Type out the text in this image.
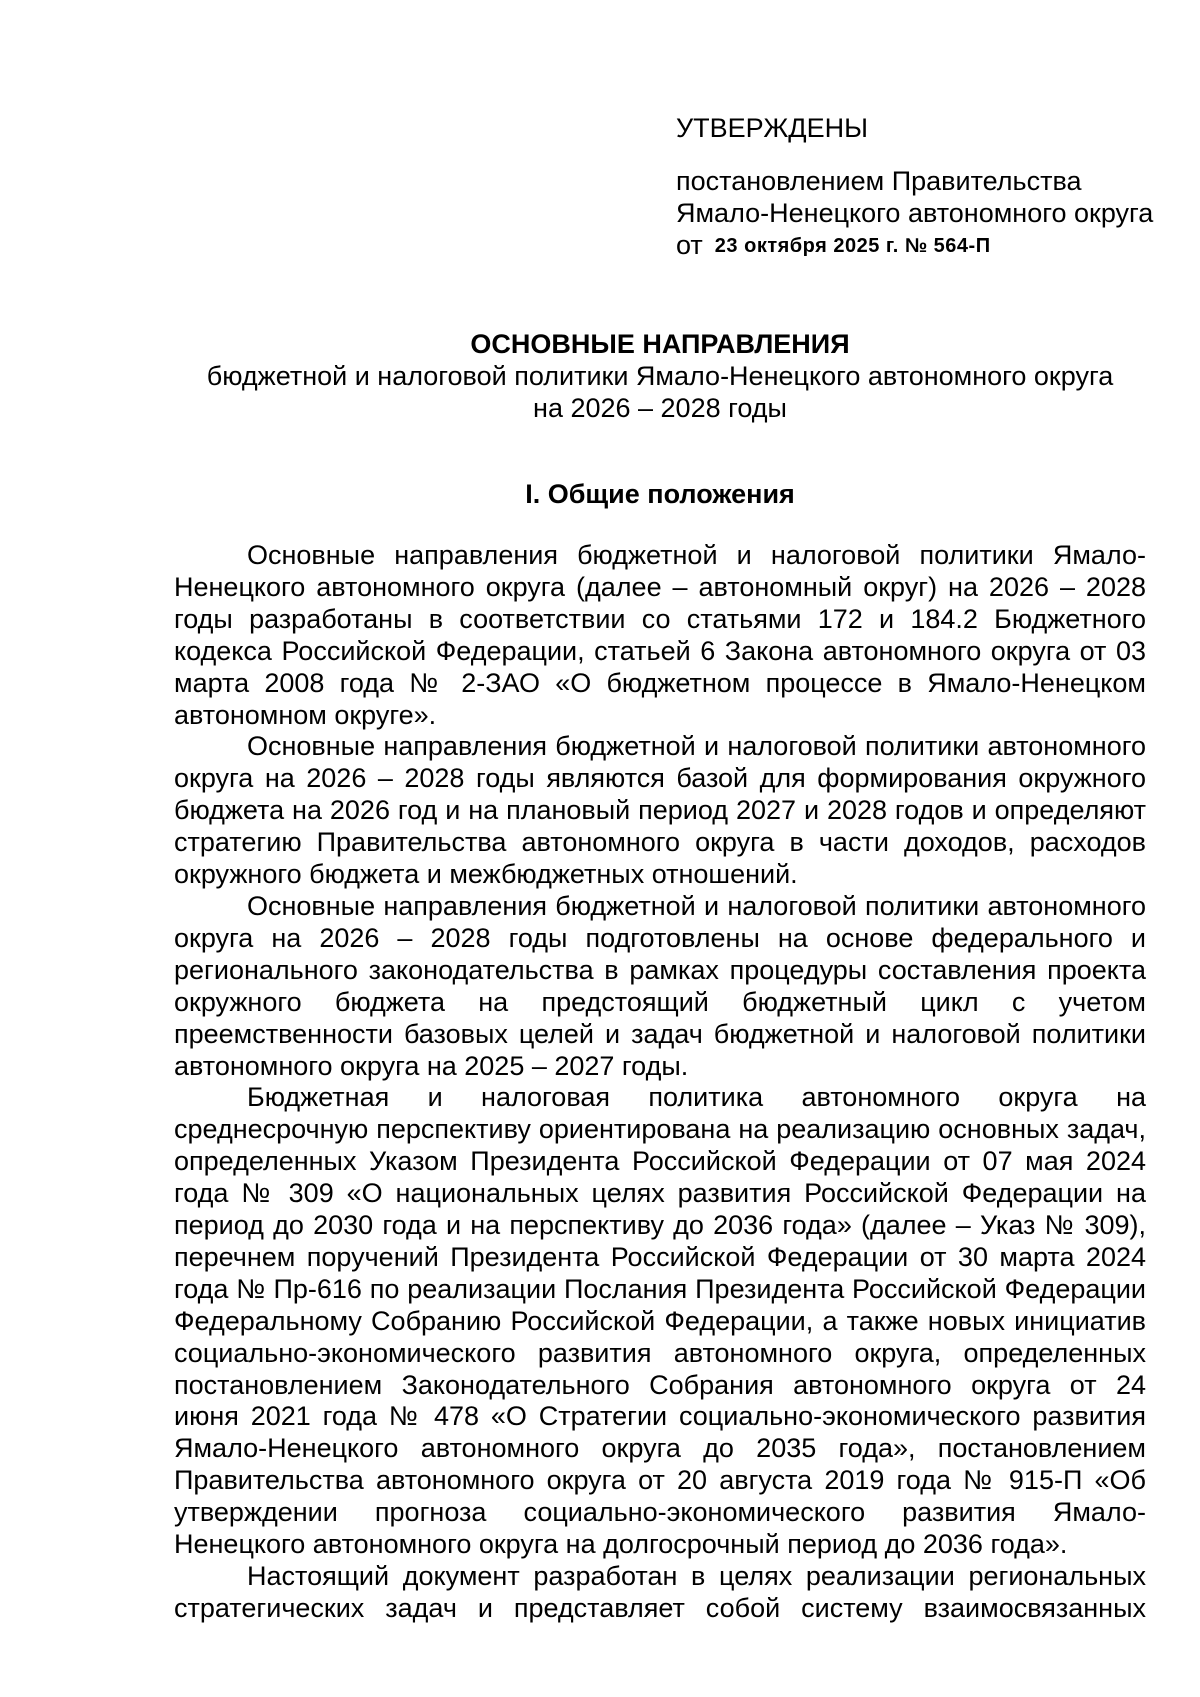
УТВЕРЖДЕНЫ

постановлением Правительства

Ямало-Ненецкого автономного округа

от 23 октября 2025 г. № 564-П

ОСНОВНЫЕ НАПРАВЛЕНИЯ

бюджетной и налоговой политики Ямало-Ненецкого автономного округа

на 2026 – 2028 годы

I. Общие положения

Основные направления бюджетной и налоговой политики Ямало-Ненецкого автономного округа (далее – автономный округ) на 2026 – 2028 годы разработаны в соответствии со статьями 172 и 184.2 Бюджетного кодекса Российской Федерации, статьей 6 Закона автономного округа от 03 марта 2008 года № 2-ЗАО «О бюджетном процессе в Ямало-Ненецком автономном округе».

Основные направления бюджетной и налоговой политики автономного округа на 2026 – 2028 годы являются базой для формирования окружного бюджета на 2026 год и на плановый период 2027 и 2028 годов и определяют стратегию Правительства автономного округа в части доходов, расходов окружного бюджета и межбюджетных отношений.

Основные направления бюджетной и налоговой политики автономного округа на 2026 – 2028 годы подготовлены на основе федерального и регионального законодательства в рамках процедуры составления проекта окружного бюджета на предстоящий бюджетный цикл с учетом преемственности базовых целей и задач бюджетной и налоговой политики автономного округа на 2025 – 2027 годы.

Бюджетная и налоговая политика автономного округа на среднесрочную перспективу ориентирована на реализацию основных задач, определенных Указом Президента Российской Федерации от 07 мая 2024 года № 309 «О национальных целях развития Российской Федерации на период до 2030 года и на перспективу до 2036 года» (далее – Указ № 309), перечнем поручений Президента Российской Федерации от 30 марта 2024 года № Пр-616 по реализации Послания Президента Российской Федерации Федеральному Собранию Российской Федерации, а также новых инициатив социально-экономического развития автономного округа, определенных постановлением Законодательного Собрания автономного округа от 24 июня 2021 года № 478 «О Стратегии социально-экономического развития Ямало-Ненецкого автономного округа до 2035 года», постановлением Правительства автономного округа от 20 августа 2019 года № 915-П «Об утверждении прогноза социально-экономического развития Ямало-Ненецкого автономного округа на долгосрочный период до 2036 года».

Настоящий документ разработан в целях реализации региональных стратегических задач и представляет собой систему взаимосвязанных
